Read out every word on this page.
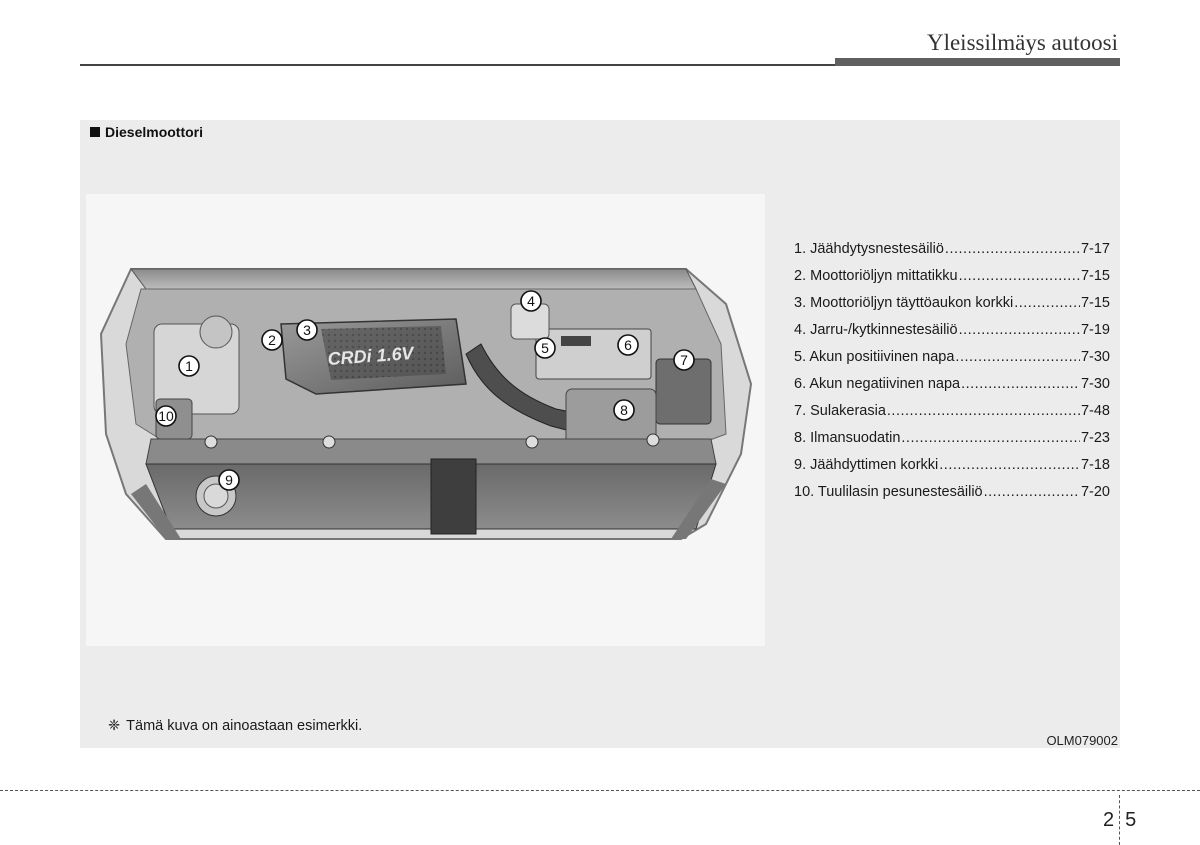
Yleissilmäys autoosi
Dieselmoottori
CRDi 1.6V
1
2
3
4
5	6
7
8
9
10
1. Jäähdytysnestesäiliö .....	7-17
2. Moottoriöljyn mittatikku .....	7-15
3. Moottoriöljyn täyttöaukon korkki .....	7-15
4. Jarru-/kytkinnestesäiliö .....	7-19
5. Akun positiivinen napa .....	7-30
6. Akun negatiivinen napa .....	7-30
7. Sulakerasia .....	7-48
8. Ilmansuodatin .....	7-23
9. Jäähdyttimen korkki .....	7-18
10. Tuulilasin pesunestesäiliö .....	7-20
❈ Tämä kuva on ainoastaan esimerkki.
OLM079002
2 5
